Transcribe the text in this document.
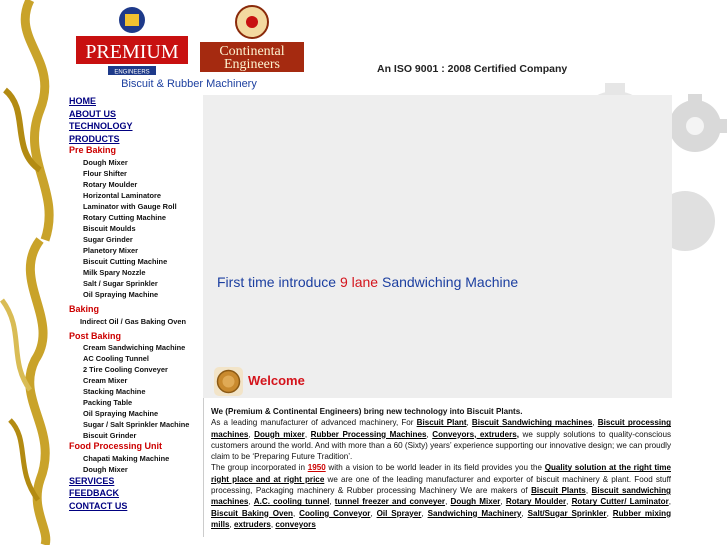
PREMIUM
ENGINEERS
Continental
Engineers
Biscuit & Rubber Machinery
An ISO 9001 : 2008 Certified Company
HOME
ABOUT US
TECHNOLOGY
PRODUCTS
Pre Baking
Dough Mixer
Flour Shifter
Rotary Moulder
Horizontal Laminatore
Laminator with Gauge Roll
Rotary Cutting Machine
Biscuit Moulds
Sugar Grinder
Planetory Mixer
Biscuit Cutting Machine
Milk Spary Nozzle
Salt / Sugar Sprinkler
Oil Spraying Machine
Baking
Indirect Oil / Gas Baking Oven
Post Baking
Cream Sandwiching Machine
AC Cooling Tunnel
2 Tire Cooling Conveyer
Cream Mixer
Stacking Machine
Packing Table
Oil Spraying Machine
Sugar / Salt Sprinkler Machine
Biscuit Grinder
Food Processing Unit
Chapati Making Machine
Dough Mixer
SERVICES
FEEDBACK
CONTACT US
First time introduce 9 lane Sandwiching Machine
Welcome
We (Premium & Continental Engineers) bring new technology into Biscuit Plants.
As a leading manufacturer of advanced machinery, For Biscuit Plant, Biscuit Sandwiching machines, Biscuit processing machines, Dough mixer, Rubber Processing Machines, Conveyors, extruders, we supply solutions to quality-conscious customers around the world. And with more than a 60 (Sixty) years’ experience supporting our innovative design; we can proudly claim to be ‘Preparing Future Tradition’.
The group incorporated in 1950 with a vision to be world leader in its field provides you the Quality solution at the right time right place and at right price we are one of the leading manufacturer and exporter of biscuit machinery & plant. Food stuff processing, Packaging machinery & Rubber processing Machinery We are makers of Biscuit Plants, Biscuit sandwiching machines, A.C. cooling tunnel, tunnel freezer and conveyer, Dough Mixer, Rotary Moulder, Rotary Cutter/ Laminator, Biscuit Baking Oven, Cooling Conveyor, Oil Sprayer, Sandwiching Machinery, Salt/Sugar Sprinkler, Rubber mixing mills, extruders, conveyors
